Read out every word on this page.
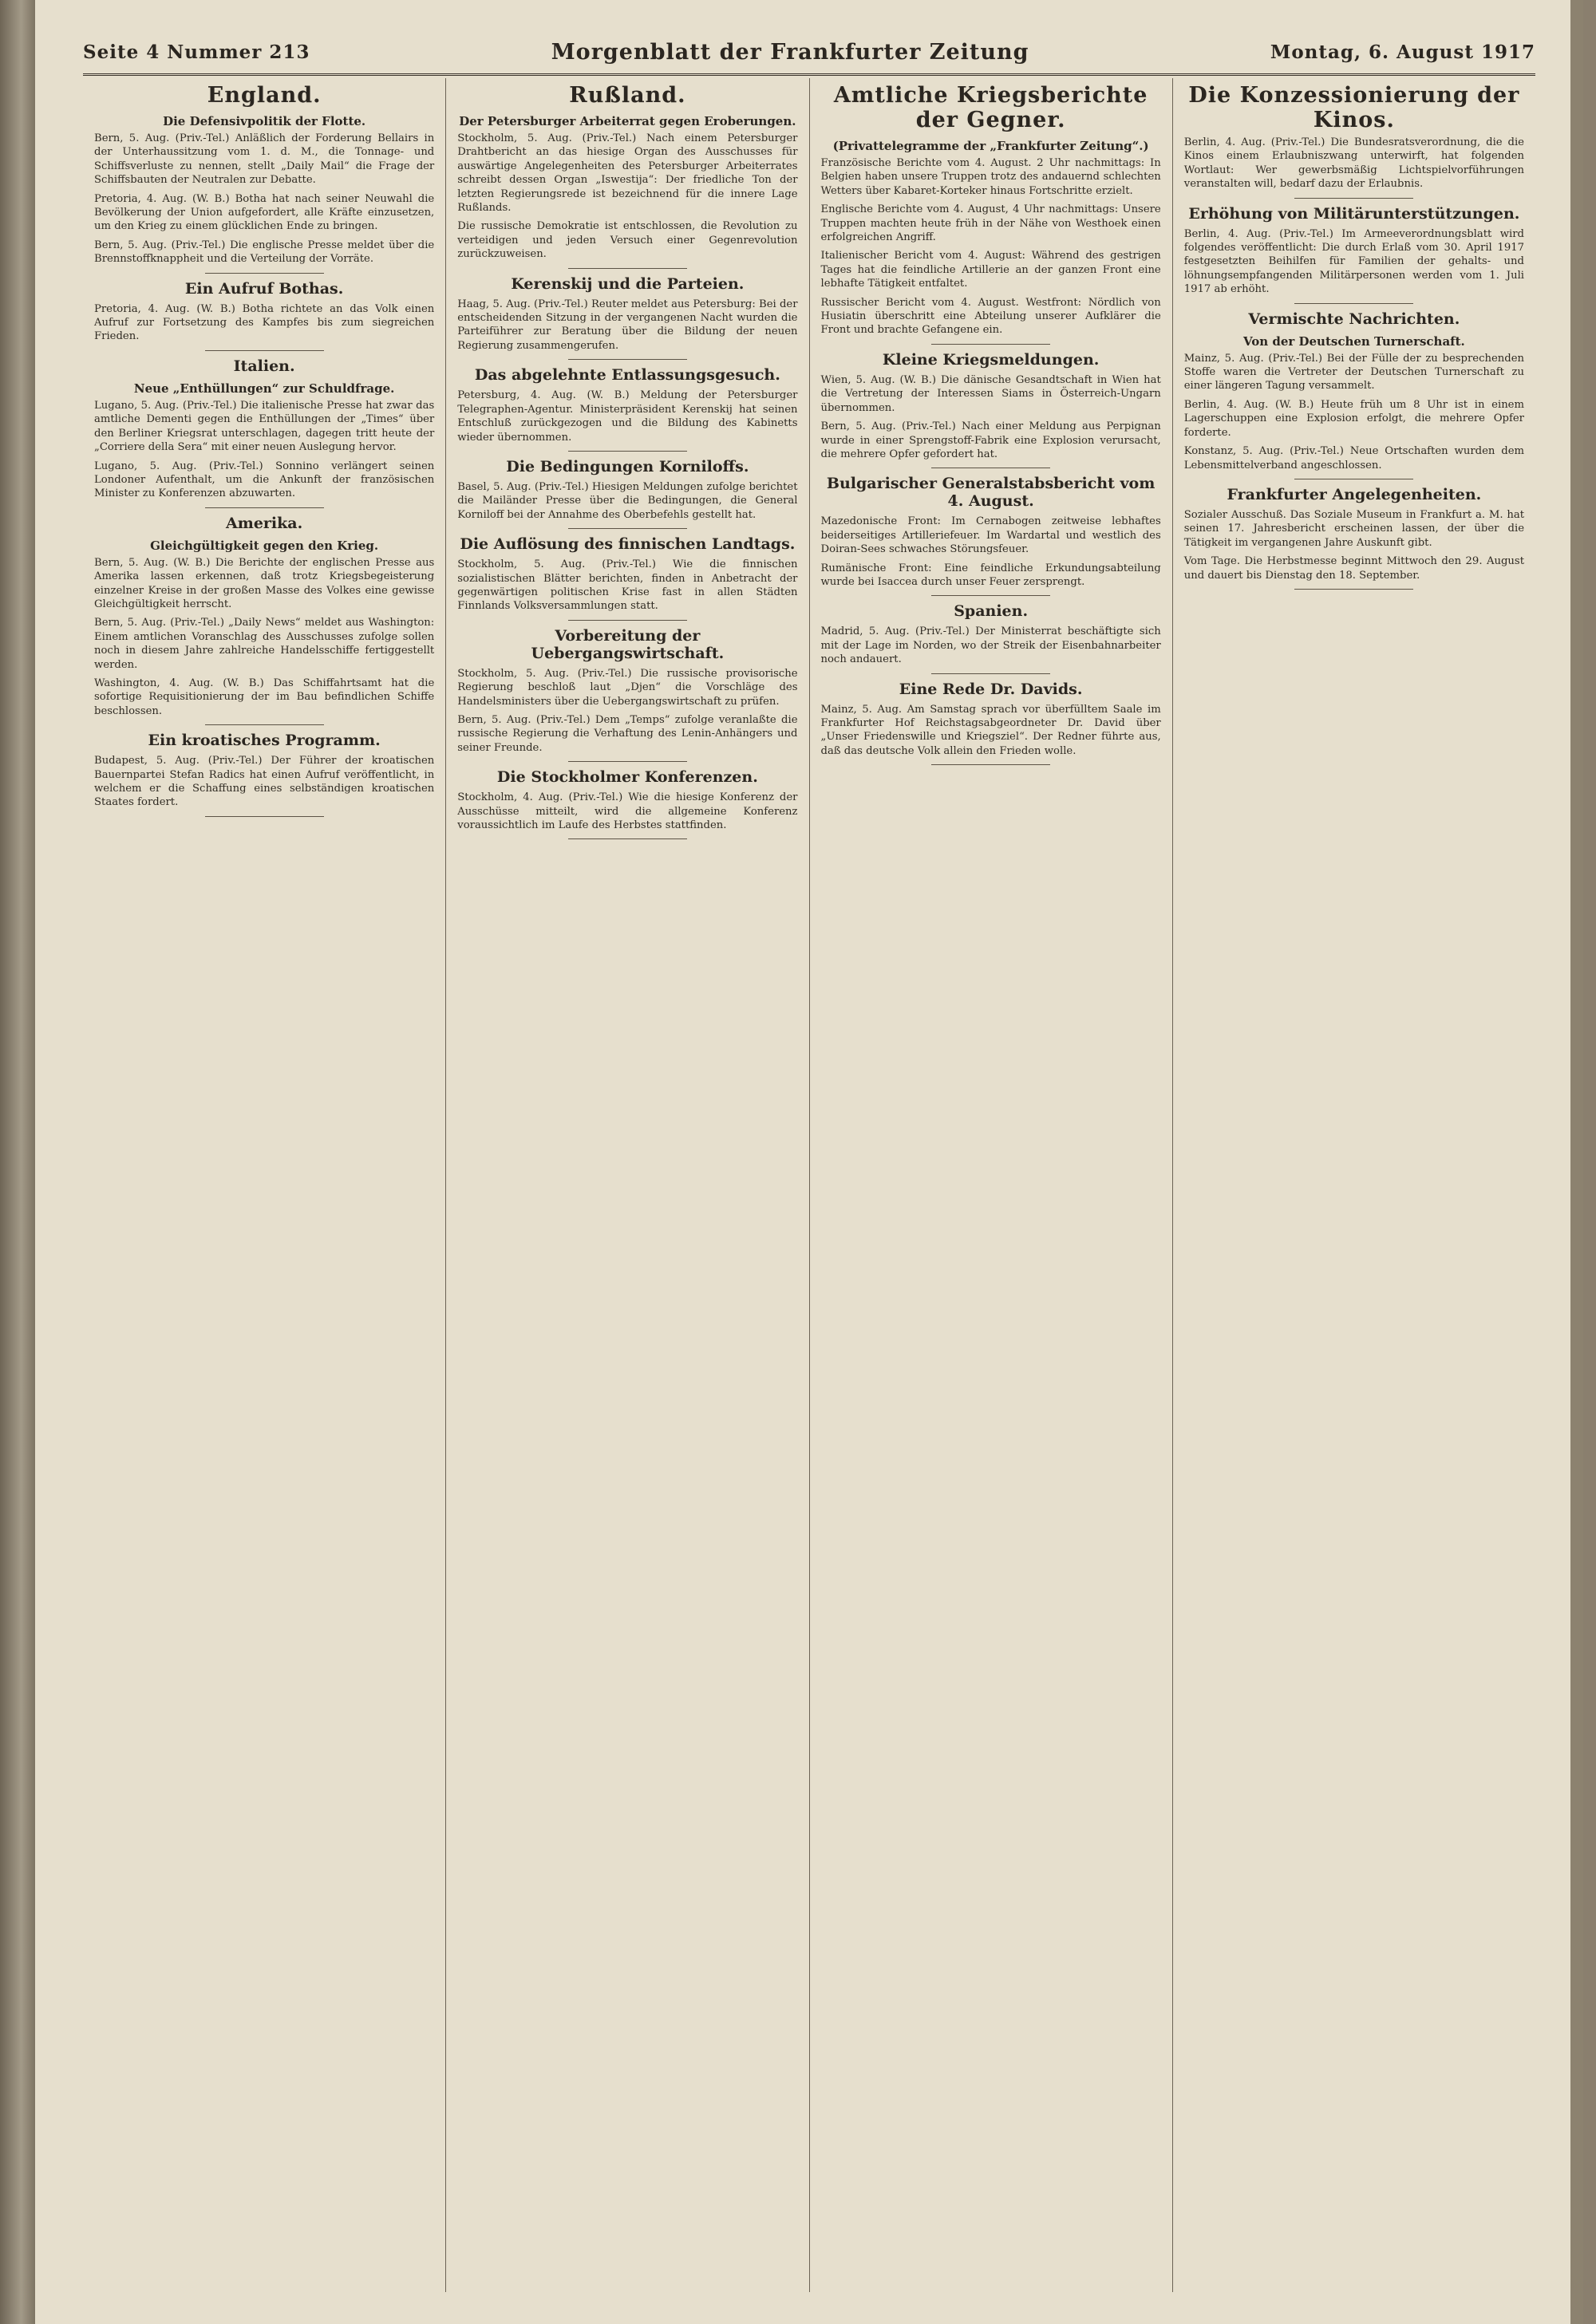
Seite 4 Nummer 213	Morgenblatt der Frankfurter Zeitung	Montag, 6. August 1917
England.
Die Defensivpolitik der Flotte.

Bern, 5. Aug. (Priv.-Tel.) Anläßlich der Forderung Bellairs in der Unterhaussitzung vom 1. d. M., die Tonnage- und Schiffsverluste zu nennen, stellt „Daily Mail“ die Frage der Schiffsbauten der Neutralen zur Debatte.

Pretoria, 4. Aug. (W. B.) Botha hat nach seiner Neuwahl die Bevölkerung der Union aufgefordert, alle Kräfte einzusetzen, um den Krieg zu einem glücklichen Ende zu bringen.

Bern, 5. Aug. (Priv.-Tel.) Die englische Presse meldet über die Brennstoffknappheit und die Verteilung der Vorräte.

Ein Aufruf Bothas.

Pretoria, 4. Aug. (W. B.) Botha richtete an das Volk einen Aufruf zur Fortsetzung des Kampfes bis zum siegreichen Frieden.

Italien.
Neue „Enthüllungen“ zur Schuldfrage.

Lugano, 5. Aug. (Priv.-Tel.) Die italienische Presse hat zwar das amtliche Dementi gegen die Enthüllungen der „Times“ über den Berliner Kriegsrat unterschlagen, dagegen tritt heute der „Corriere della Sera“ mit einer neuen Auslegung hervor.

Lugano, 5. Aug. (Priv.-Tel.) Sonnino verlängert seinen Londoner Aufenthalt, um die Ankunft der französischen Minister zu Konferenzen abzuwarten.

Amerika.
Gleichgültigkeit gegen den Krieg.

Bern, 5. Aug. (W. B.) Die Berichte der englischen Presse aus Amerika lassen erkennen, daß trotz Kriegsbegeisterung einzelner Kreise in der großen Masse des Volkes eine gewisse Gleichgültigkeit herrscht.

Bern, 5. Aug. (Priv.-Tel.) „Daily News“ meldet aus Washington: Einem amtlichen Voranschlag des Ausschusses zufolge sollen noch in diesem Jahre zahlreiche Handelsschiffe fertiggestellt werden.

Washington, 4. Aug. (W. B.) Das Schiffahrtsamt hat die sofortige Requisitionierung der im Bau befindlichen Schiffe beschlossen.

Ein kroatisches Programm.

Budapest, 5. Aug. (Priv.-Tel.) Der Führer der kroatischen Bauernpartei Stefan Radics hat einen Aufruf veröffentlicht, in welchem er die Schaffung eines selbständigen kroatischen Staates fordert.

Rußland.
Der Petersburger Arbeiterrat gegen Eroberungen.

Stockholm, 5. Aug. (Priv.-Tel.) Nach einem Petersburger Drahtbericht an das hiesige Organ des Ausschusses für auswärtige Angelegenheiten des Petersburger Arbeiterrates schreibt dessen Organ „Iswestija“: Der friedliche Ton der letzten Regierungsrede ist bezeichnend für die innere Lage Rußlands.

Die russische Demokratie ist entschlossen, die Revolution zu verteidigen und jeden Versuch einer Gegenrevolution zurückzuweisen.

Kerenskij und die Parteien.

Haag, 5. Aug. (Priv.-Tel.) Reuter meldet aus Petersburg: Bei der entscheidenden Sitzung in der vergangenen Nacht wurden die Parteiführer zur Beratung über die Bildung der neuen Regierung zusammengerufen.

Das abgelehnte Entlassungsgesuch.

Petersburg, 4. Aug. (W. B.) Meldung der Petersburger Telegraphen-Agentur. Ministerpräsident Kerenskij hat seinen Entschluß zurückgezogen und die Bildung des Kabinetts wieder übernommen.

Die Bedingungen Korniloffs.

Basel, 5. Aug. (Priv.-Tel.) Hiesigen Meldungen zufolge berichtet die Mailänder Presse über die Bedingungen, die General Korniloff bei der Annahme des Oberbefehls gestellt hat.

Die Auflösung des finnischen Landtags.

Stockholm, 5. Aug. (Priv.-Tel.) Wie die finnischen sozialistischen Blätter berichten, finden in Anbetracht der gegenwärtigen politischen Krise fast in allen Städten Finnlands Volksversammlungen statt.

Vorbereitung der Uebergangswirtschaft.

Stockholm, 5. Aug. (Priv.-Tel.) Die russische provisorische Regierung beschloß laut „Djen“ die Vorschläge des Handelsministers über die Uebergangswirtschaft zu prüfen.

Bern, 5. Aug. (Priv.-Tel.) Dem „Temps“ zufolge veranlaßte die russische Regierung die Verhaftung des Lenin-Anhängers und seiner Freunde.

Die Stockholmer Konferenzen.

Stockholm, 4. Aug. (Priv.-Tel.) Wie die hiesige Konferenz der Ausschüsse mitteilt, wird die allgemeine Konferenz voraussichtlich im Laufe des Herbstes stattfinden.

Amtliche Kriegsberichte der Gegner.
(Privattelegramme der „Frankfurter Zeitung“.)

Französische Berichte vom 4. August. 2 Uhr nachmittags: In Belgien haben unsere Truppen trotz des andauernd schlechten Wetters über Kabaret-Korteker hinaus Fortschritte erzielt.

Englische Berichte vom 4. August, 4 Uhr nachmittags: Unsere Truppen machten heute früh in der Nähe von Westhoek einen erfolgreichen Angriff.

Italienischer Bericht vom 4. August: Während des gestrigen Tages hat die feindliche Artillerie an der ganzen Front eine lebhafte Tätigkeit entfaltet.

Russischer Bericht vom 4. August. Westfront: Nördlich von Husiatin überschritt eine Abteilung unserer Aufklärer die Front und brachte Gefangene ein.

Kleine Kriegsmeldungen.

Wien, 5. Aug. (W. B.) Die dänische Gesandtschaft in Wien hat die Vertretung der Interessen Siams in Österreich-Ungarn übernommen.

Bern, 5. Aug. (Priv.-Tel.) Nach einer Meldung aus Perpignan wurde in einer Sprengstoff-Fabrik eine Explosion verursacht, die mehrere Opfer gefordert hat.

Bulgarischer Generalstabsbericht vom 4. August.

Mazedonische Front: Im Cernabogen zeitweise lebhaftes beiderseitiges Artilleriefeuer. Im Wardartal und westlich des Doiran-Sees schwaches Störungsfeuer.

Rumänische Front: Eine feindliche Erkundungsabteilung wurde bei Isaccea durch unser Feuer zersprengt.

Spanien.

Madrid, 5. Aug. (Priv.-Tel.) Der Ministerrat beschäftigte sich mit der Lage im Norden, wo der Streik der Eisenbahnarbeiter noch andauert.

Eine Rede Dr. Davids.

Mainz, 5. Aug. Am Samstag sprach vor überfülltem Saale im Frankfurter Hof Reichstagsabgeordneter Dr. David über „Unser Friedenswille und Kriegsziel“. Der Redner führte aus, daß das deutsche Volk allein den Frieden wolle.

Die Konzessionierung der Kinos.

Berlin, 4. Aug. (Priv.-Tel.) Die Bundesratsverordnung, die die Kinos einem Erlaubniszwang unterwirft, hat folgenden Wortlaut: Wer gewerbsmäßig Lichtspielvorführungen veranstalten will, bedarf dazu der Erlaubnis.

Erhöhung von Militärunterstützungen.

Berlin, 4. Aug. (Priv.-Tel.) Im Armeeverordnungsblatt wird folgendes veröffentlicht: Die durch Erlaß vom 30. April 1917 festgesetzten Beihilfen für Familien der gehalts- und löhnungsempfangenden Militärpersonen werden vom 1. Juli 1917 ab erhöht.

Vermischte Nachrichten.
Von der Deutschen Turnerschaft.

Mainz, 5. Aug. (Priv.-Tel.) Bei der Fülle der zu besprechenden Stoffe waren die Vertreter der Deutschen Turnerschaft zu einer längeren Tagung versammelt.

Berlin, 4. Aug. (W. B.) Heute früh um 8 Uhr ist in einem Lagerschuppen eine Explosion erfolgt, die mehrere Opfer forderte.

Konstanz, 5. Aug. (Priv.-Tel.) Neue Ortschaften wurden dem Lebensmittelverband angeschlossen.

Frankfurter Angelegenheiten.

Sozialer Ausschuß. Das Soziale Museum in Frankfurt a. M. hat seinen 17. Jahresbericht erscheinen lassen, der über die Tätigkeit im vergangenen Jahre Auskunft gibt.

Vom Tage. Die Herbstmesse beginnt Mittwoch den 29. August und dauert bis Dienstag den 18. September.
